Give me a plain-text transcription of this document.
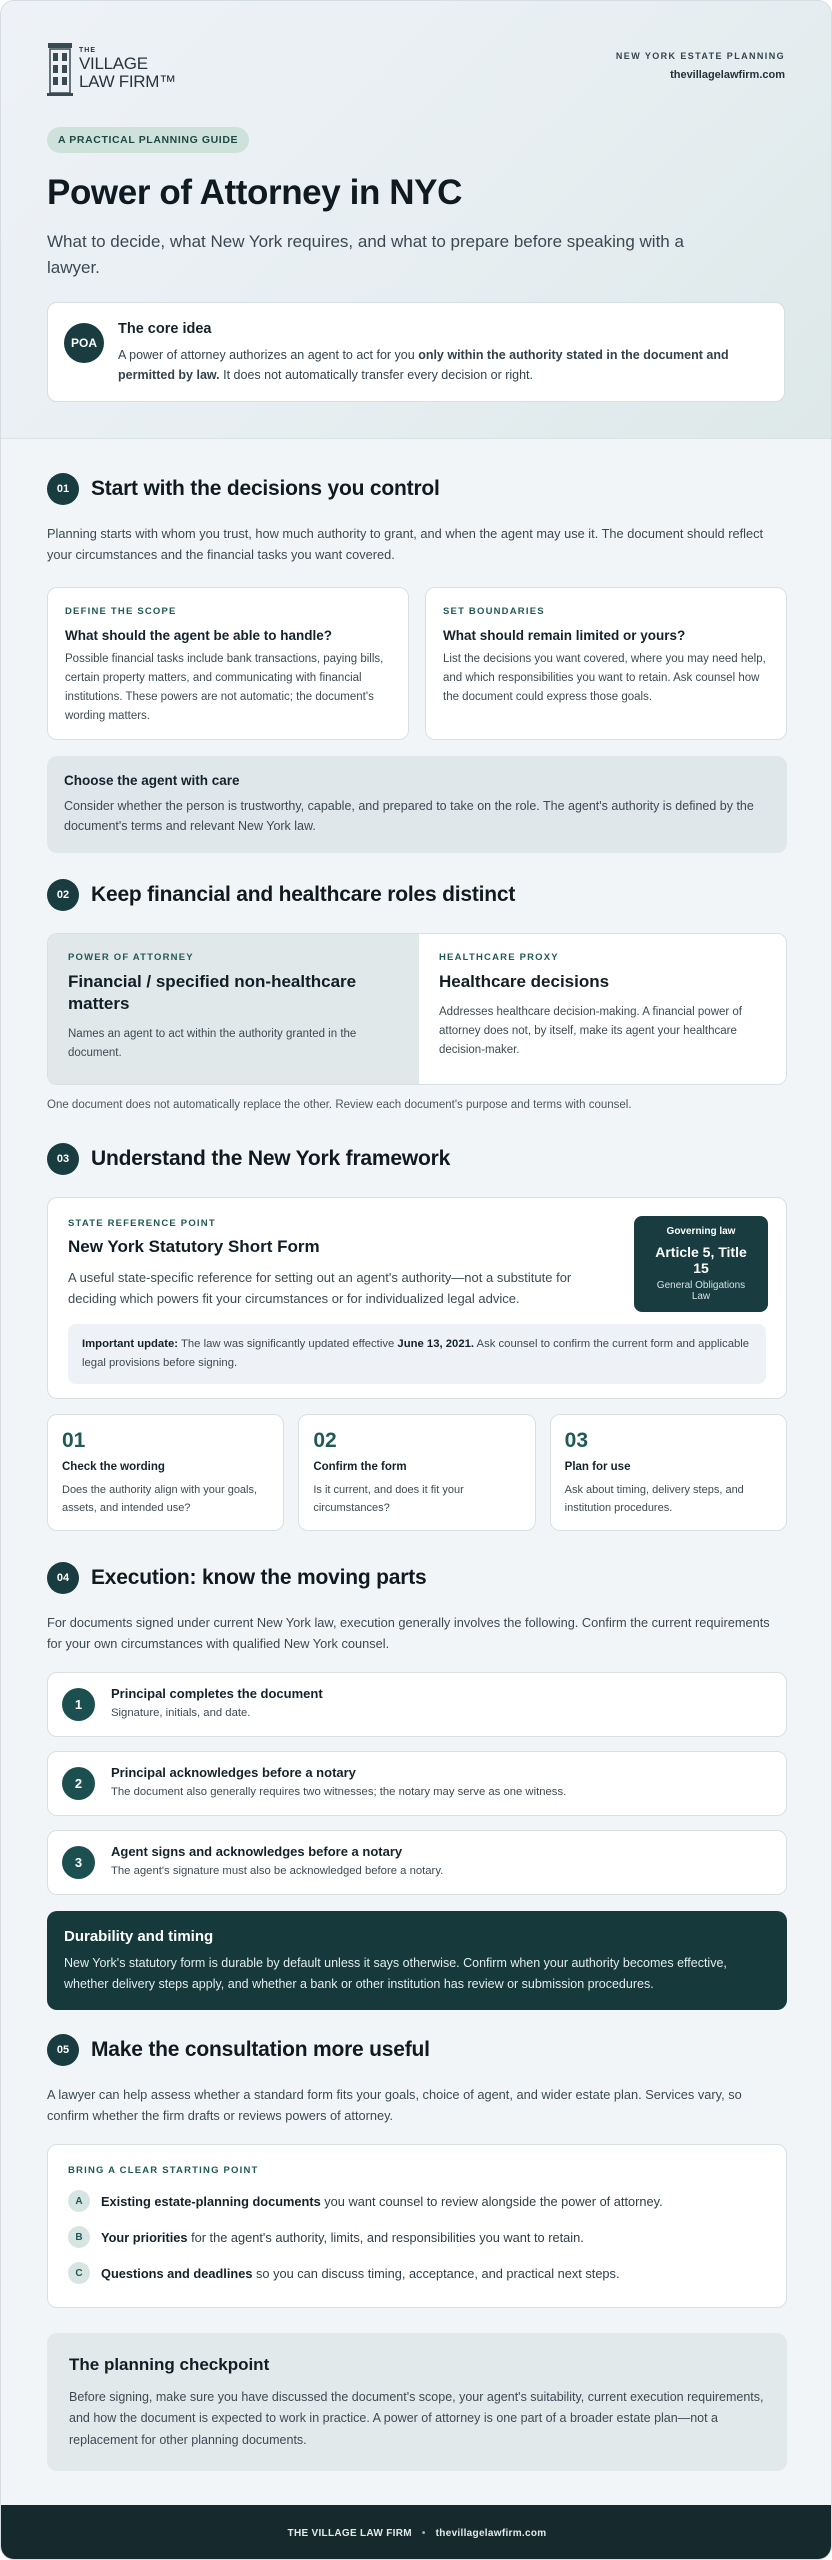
THE
VILLAGE
LAW FIRM™
NEW YORK ESTATE PLANNING
thevillagelawfirm.com
A PRACTICAL PLANNING GUIDE
Power of Attorney in NYC

What to decide, what New York requires, and what to prepare before speaking with a lawyer.

POA
The core idea

A power of attorney authorizes an agent to act for you only within the authority stated in the document and permitted by law. It does not automatically transfer every decision or right.

01	Start with the decisions you control

Planning starts with whom you trust, how much authority to grant, and when the agent may use it. The document should reflect your circumstances and the financial tasks you want covered.

DEFINE THE SCOPE
What should the agent be able to handle?

Possible financial tasks include bank transactions, paying bills, certain property matters, and communicating with financial institutions. These powers are not automatic; the document's wording matters.

SET BOUNDARIES
What should remain limited or yours?

List the decisions you want covered, where you may need help, and which responsibilities you want to retain. Ask counsel how the document could express those goals.

Choose the agent with care

Consider whether the person is trustworthy, capable, and prepared to take on the role. The agent's authority is defined by the document's terms and relevant New York law.

02	Keep financial and healthcare roles distinct
POWER OF ATTORNEY
Financial / specified non-healthcare matters

Names an agent to act within the authority granted in the document.

HEALTHCARE PROXY
Healthcare decisions

Addresses healthcare decision-making. A financial power of attorney does not, by itself, make its agent your healthcare decision-maker.

One document does not automatically replace the other. Review each document's purpose and terms with counsel.

03	Understand the New York framework
STATE REFERENCE POINT
New York Statutory Short Form

A useful state-specific reference for setting out an agent's authority—not a substitute for deciding which powers fit your circumstances or for individualized legal advice.

Governing law
Article 5, Title 15
General Obligations Law
Important update: The law was significantly updated effective June 13, 2021. Ask counsel to confirm the current form and applicable legal provisions before signing.
01
Check the wording

Does the authority align with your goals, assets, and intended use?

02
Confirm the form

Is it current, and does it fit your circumstances?

03
Plan for use

Ask about timing, delivery steps, and institution procedures.

04	Execution: know the moving parts

For documents signed under current New York law, execution generally involves the following. Confirm the current requirements for your own circumstances with qualified New York counsel.

1
Principal completes the document

Signature, initials, and date.

2
Principal acknowledges before a notary

The document also generally requires two witnesses; the notary may serve as one witness.

3
Agent signs and acknowledges before a notary

The agent's signature must also be acknowledged before a notary.

Durability and timing

New York's statutory form is durable by default unless it says otherwise. Confirm when your authority becomes effective, whether delivery steps apply, and whether a bank or other institution has review or submission procedures.

05	Make the consultation more useful

A lawyer can help assess whether a standard form fits your goals, choice of agent, and wider estate plan. Services vary, so confirm whether the firm drafts or reviews powers of attorney.

BRING A CLEAR STARTING POINT
A	Existing estate-planning documents you want counsel to review alongside the power of attorney.
B	Your priorities for the agent's authority, limits, and responsibilities you want to retain.
C	Questions and deadlines so you can discuss timing, acceptance, and practical next steps.
The planning checkpoint

Before signing, make sure you have discussed the document's scope, your agent's suitability, current execution requirements, and how the document is expected to work in practice. A power of attorney is one part of a broader estate plan—not a replacement for other planning documents.

THE VILLAGE LAW FIRM • thevillagelawfirm.com
